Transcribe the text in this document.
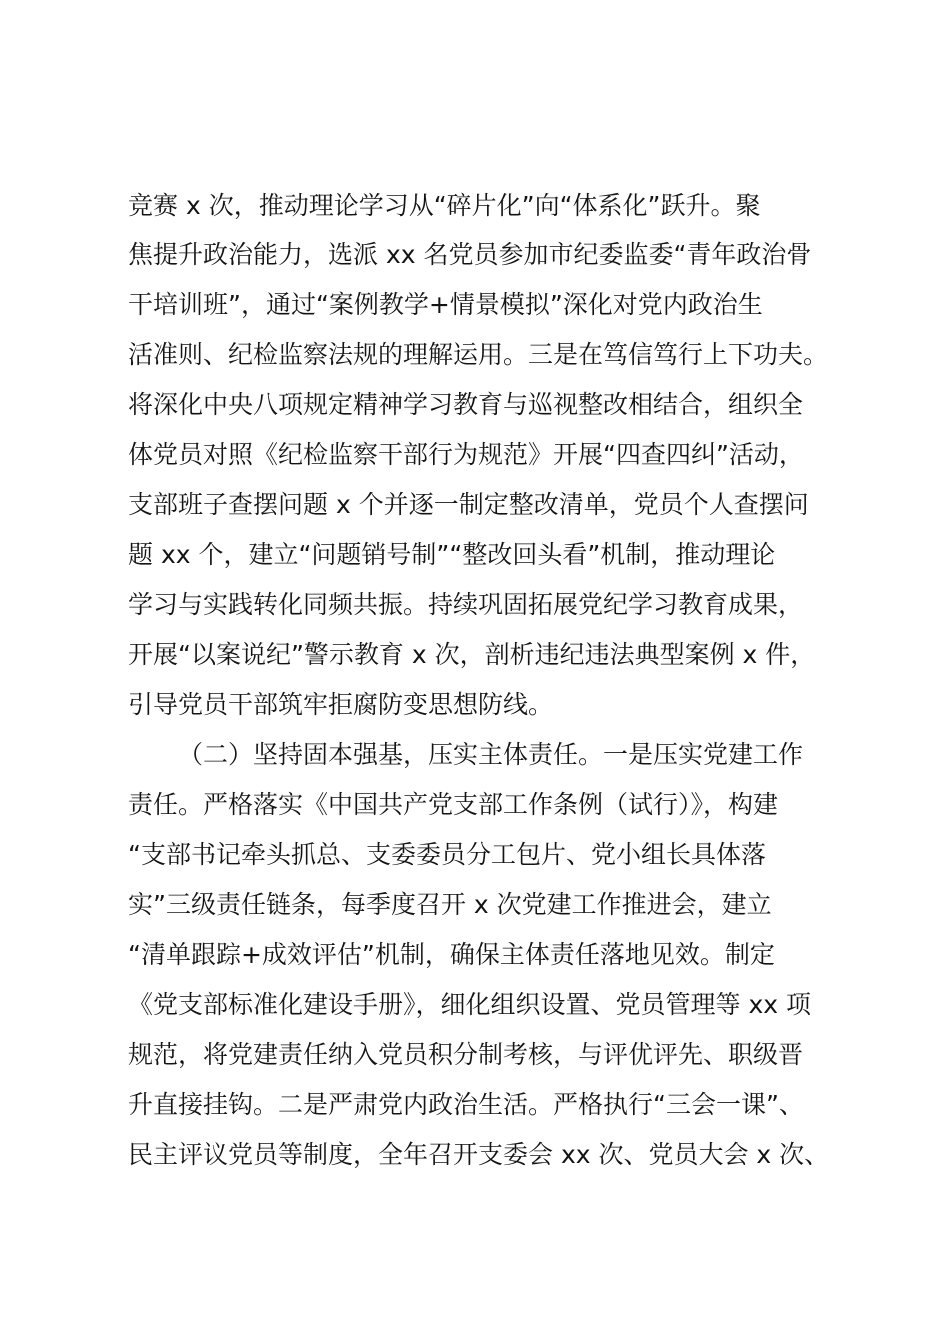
竞赛 x 次，推动理论学习从“碎片化”向“体系化”跃升。聚
焦提升政治能力，选派 xx 名党员参加市纪委监委“青年政治骨
干培训班”，通过“案例教学+情景模拟”深化对党内政治生
活准则、纪检监察法规的理解运用。三是在笃信笃行上下功夫。
将深化中央八项规定精神学习教育与巡视整改相结合，组织全
体党员对照《纪检监察干部行为规范》开展“四查四纠”活动，
支部班子查摆问题 x 个并逐一制定整改清单，党员个人查摆问
题 xx 个，建立“问题销号制”“整改回头看”机制，推动理论
学习与实践转化同频共振。持续巩固拓展党纪学习教育成果，
开展“以案说纪”警示教育 x 次，剖析违纪违法典型案例 x 件，
引导党员干部筑牢拒腐防变思想防线。
（二）坚持固本强基，压实主体责任。一是压实党建工作
责任。严格落实《中国共产党支部工作条例（试行）》，构建
“支部书记牵头抓总、支委委员分工包片、党小组长具体落
实”三级责任链条，每季度召开 x 次党建工作推进会，建立
“清单跟踪+成效评估”机制，确保主体责任落地见效。制定
《党支部标准化建设手册》，细化组织设置、党员管理等 xx 项
规范，将党建责任纳入党员积分制考核，与评优评先、职级晋
升直接挂钩。二是严肃党内政治生活。严格执行“三会一课”、
民主评议党员等制度，全年召开支委会 xx 次、党员大会 x 次、
